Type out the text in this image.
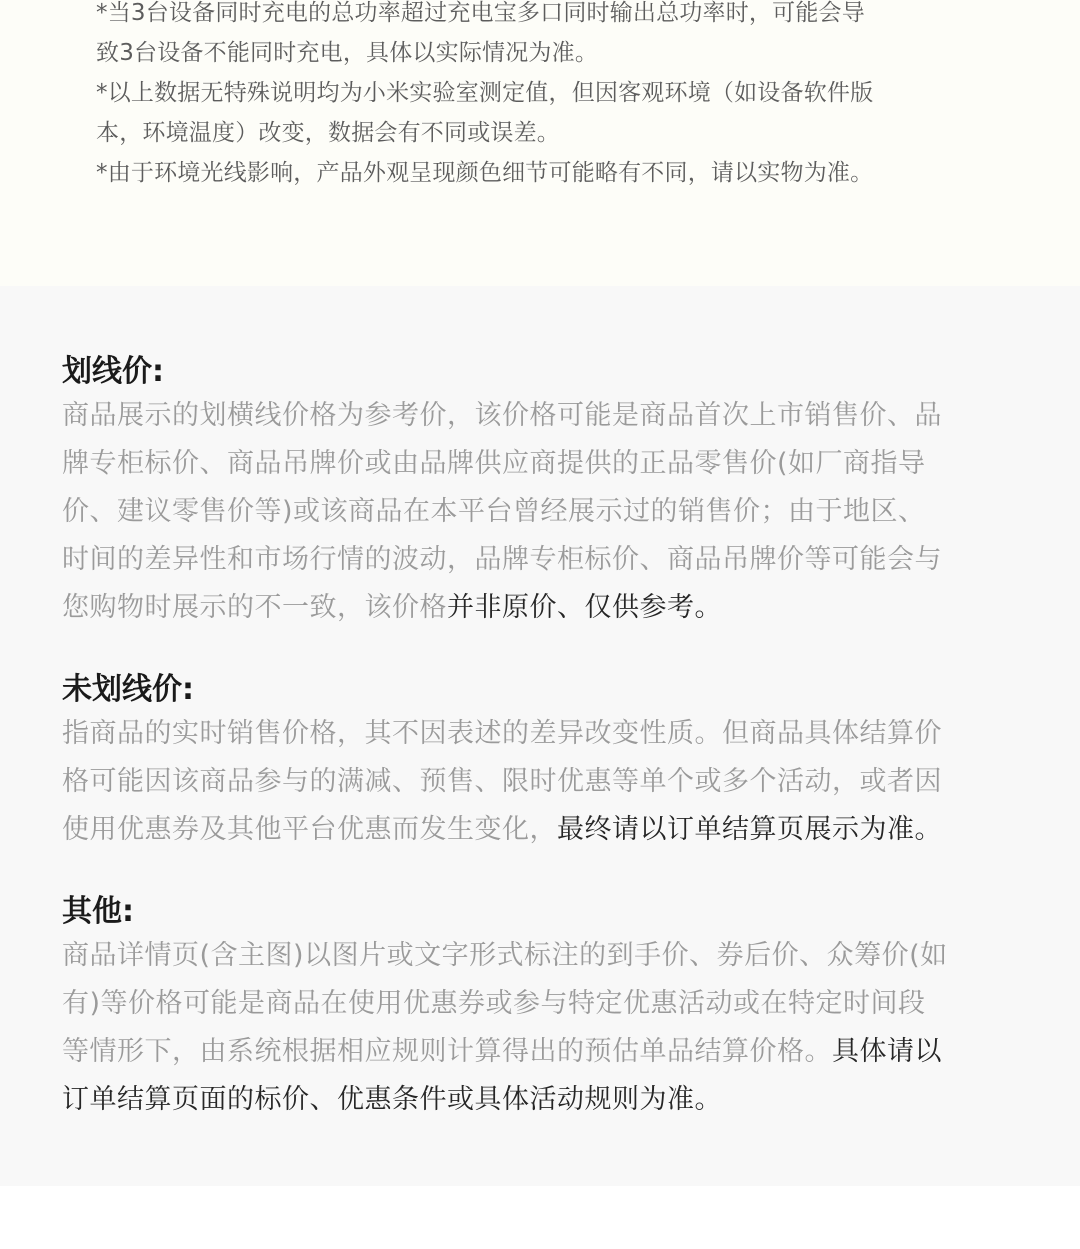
*当3台设备同时充电的总功率超过充电宝多口同时输出总功率时，可能会导
致3台设备不能同时充电，具体以实际情况为准。
*以上数据无特殊说明均为小米实验室测定值，但因客观环境（如设备软件版
本，环境温度）改变，数据会有不同或误差。
*由于环境光线影响，产品外观呈现颜色细节可能略有不同，请以实物为准。
划线价:

商品展示的划横线价格为参考价，该价格可能是商品首次上市销售价、品
牌专柜标价、商品吊牌价或由品牌供应商提供的正品零售价(如厂商指导
价、建议零售价等)或该商品在本平台曾经展示过的销售价；由于地区、
时间的差异性和市场行情的波动，品牌专柜标价、商品吊牌价等可能会与
您购物时展示的不一致，该价格并非原价、仅供参考。

未划线价:

指商品的实时销售价格，其不因表述的差异改变性质。但商品具体结算价
格可能因该商品参与的满减、预售、限时优惠等单个或多个活动，或者因
使用优惠券及其他平台优惠而发生变化，最终请以订单结算页展示为准。

其他:

商品详情页(含主图)以图片或文字形式标注的到手价、券后价、众筹价(如
有)等价格可能是商品在使用优惠券或参与特定优惠活动或在特定时间段
等情形下，由系统根据相应规则计算得出的预估单品结算价格。具体请以
订单结算页面的标价、优惠条件或具体活动规则为准。
